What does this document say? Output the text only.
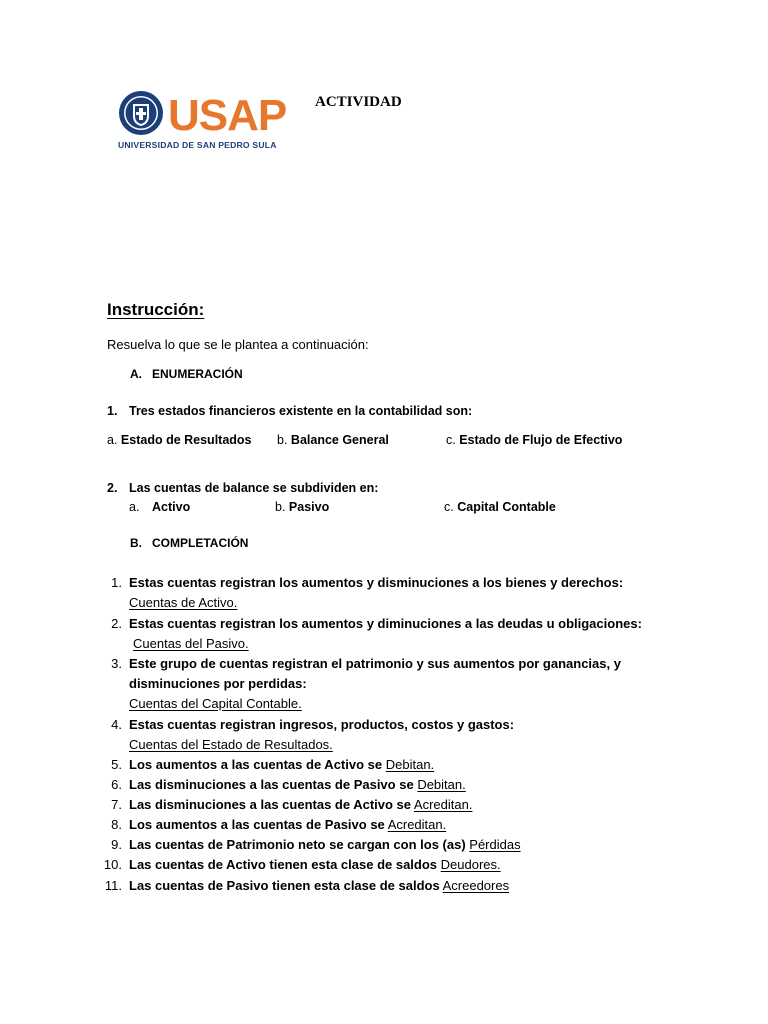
USAP
UNIVERSIDAD DE SAN PEDRO SULA
ACTIVIDAD
Instrucción:
Resuelva lo que se le plantea a continuación:
A. ENUMERACIÓN
1. Tres estados financieros existente en la contabilidad son:
a. Estado de Resultados b. Balance General	c. Estado de Flujo de Efectivo
2. Las cuentas de balance se subdividen en:
a. Activo	b. Pasivo	c. Capital Contable
B. COMPLETACIÓN
1. Estas cuentas registran los aumentos y disminuciones a los bienes y derechos:
Cuentas de Activo.
2. Estas cuentas registran los aumentos y diminuciones a las deudas u obligaciones:
Cuentas del Pasivo.
3. Este grupo de cuentas registran el patrimonio y sus aumentos por ganancias, y
disminuciones por perdidas:
Cuentas del Capital Contable.
4. Estas cuentas registran ingresos, productos, costos y gastos:
Cuentas del Estado de Resultados.
5. Los aumentos a las cuentas de Activo se Debitan.
6. Las disminuciones a las cuentas de Pasivo se Debitan.
7. Las disminuciones a las cuentas de Activo se Acreditan.
8. Los aumentos a las cuentas de Pasivo se Acreditan.
9. Las cuentas de Patrimonio neto se cargan con los (as) Pérdidas
10. Las cuentas de Activo tienen esta clase de saldos Deudores.
11. Las cuentas de Pasivo tienen esta clase de saldos Acreedores
